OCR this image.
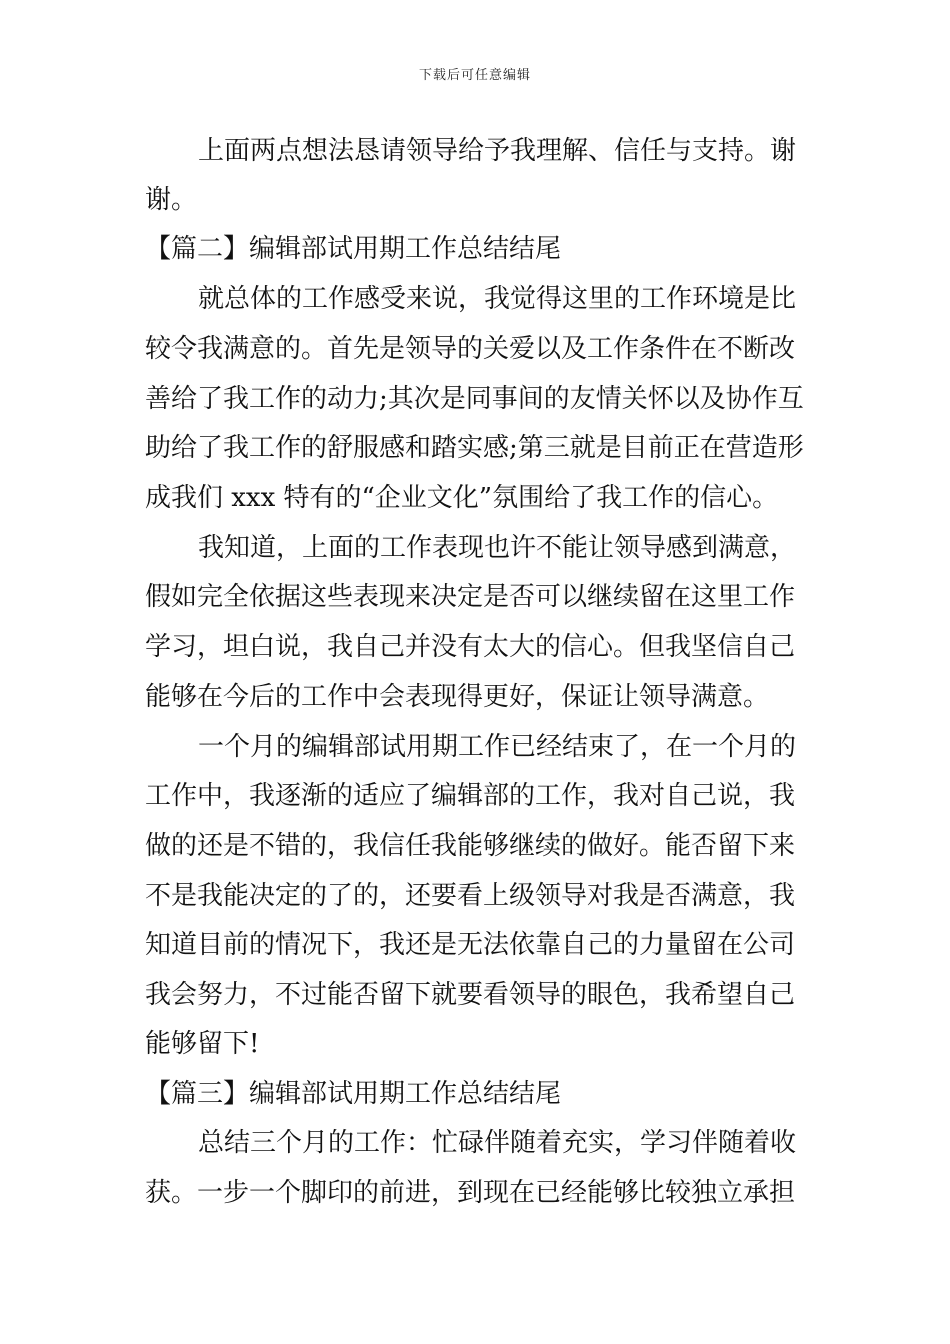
下载后可任意编辑
上面两点想法恳请领导给予我理解、信任与支持。谢
谢。
【篇二】编辑部试用期工作总结结尾
就总体的工作感受来说，我觉得这里的工作环境是比
较令我满意的。首先是领导的关爱以及工作条件在不断改
善给了我工作的动力;其次是同事间的友情关怀以及协作互
助给了我工作的舒服感和踏实感;第三就是目前正在营造形
成我们 xxx 特有的“企业文化”氛围给了我工作的信心。
我知道，上面的工作表现也许不能让领导感到满意，
假如完全依据这些表现来决定是否可以继续留在这里工作
学习，坦白说，我自己并没有太大的信心。但我坚信自己
能够在今后的工作中会表现得更好，保证让领导满意。
一个月的编辑部试用期工作已经结束了，在一个月的
工作中，我逐渐的适应了编辑部的工作，我对自己说，我
做的还是不错的，我信任我能够继续的做好。能否留下来
不是我能决定的了的，还要看上级领导对我是否满意，我
知道目前的情况下，我还是无法依靠自己的力量留在公司
我会努力，不过能否留下就要看领导的眼色，我希望自己
能够留下!
【篇三】编辑部试用期工作总结结尾
总结三个月的工作：忙碌伴随着充实，学习伴随着收
获。一步一个脚印的前进，到现在已经能够比较独立承担
